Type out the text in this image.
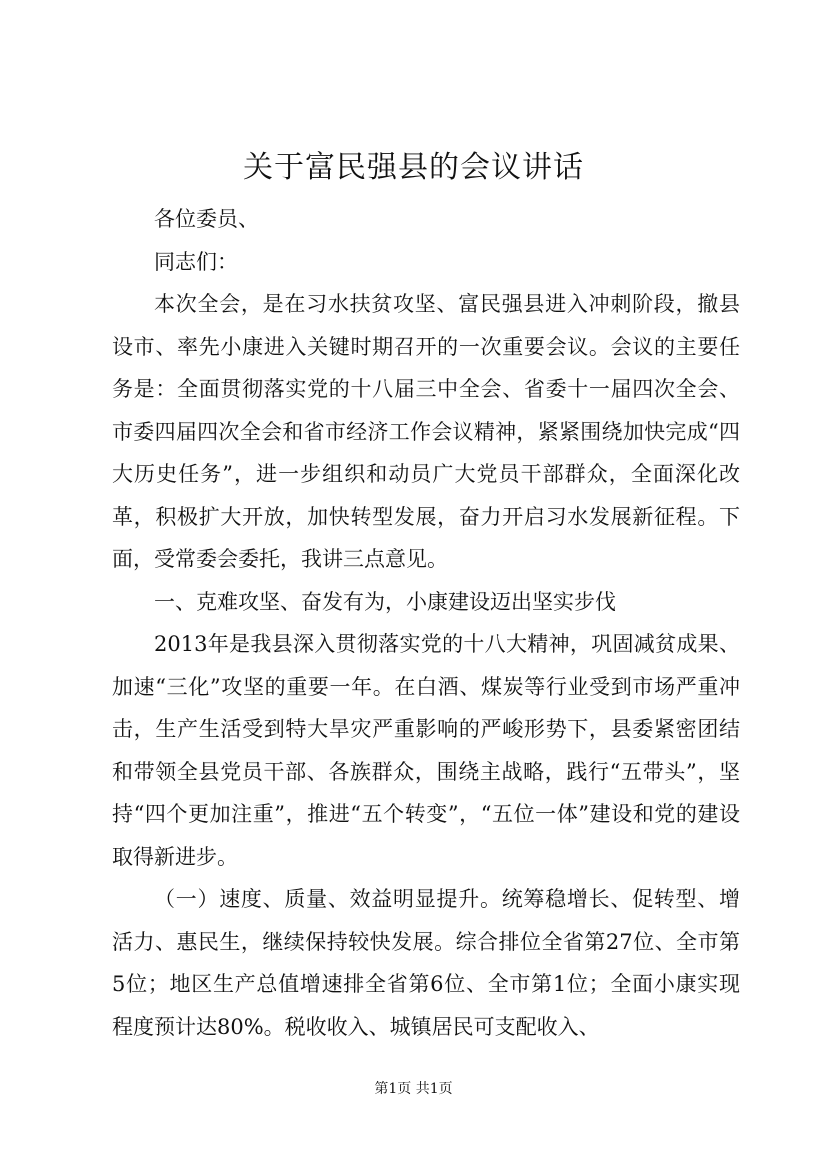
关于富民强县的会议讲话

各位委员、

同志们：

本次全会，是在习水扶贫攻坚、富民强县进入冲刺阶段，撤县设市、率先小康进入关键时期召开的一次重要会议。会议的主要任务是：全面贯彻落实党的十八届三中全会、省委十一届四次全会、市委四届四次全会和省市经济工作会议精神，紧紧围绕加快完成“四大历史任务”，进一步组织和动员广大党员干部群众，全面深化改革，积极扩大开放，加快转型发展，奋力开启习水发展新征程。下面，受常委会委托，我讲三点意见。

一、克难攻坚、奋发有为，小康建设迈出坚实步伐

2013年是我县深入贯彻落实党的十八大精神，巩固减贫成果、加速“三化”攻坚的重要一年。在白酒、煤炭等行业受到市场严重冲击，生产生活受到特大旱灾严重影响的严峻形势下，县委紧密团结和带领全县党员干部、各族群众，围绕主战略，践行“五带头”，坚持“四个更加注重”，推进“五个转变”，“五位一体”建设和党的建设取得新进步。

（一）速度、质量、效益明显提升。统筹稳增长、促转型、增活力、惠民生，继续保持较快发展。综合排位全省第27位、全市第5位；地区生产总值增速排全省第6位、全市第1位；全面小康实现程度预计达80%。税收收入、城镇居民可支配收入、

第1页 共1页
